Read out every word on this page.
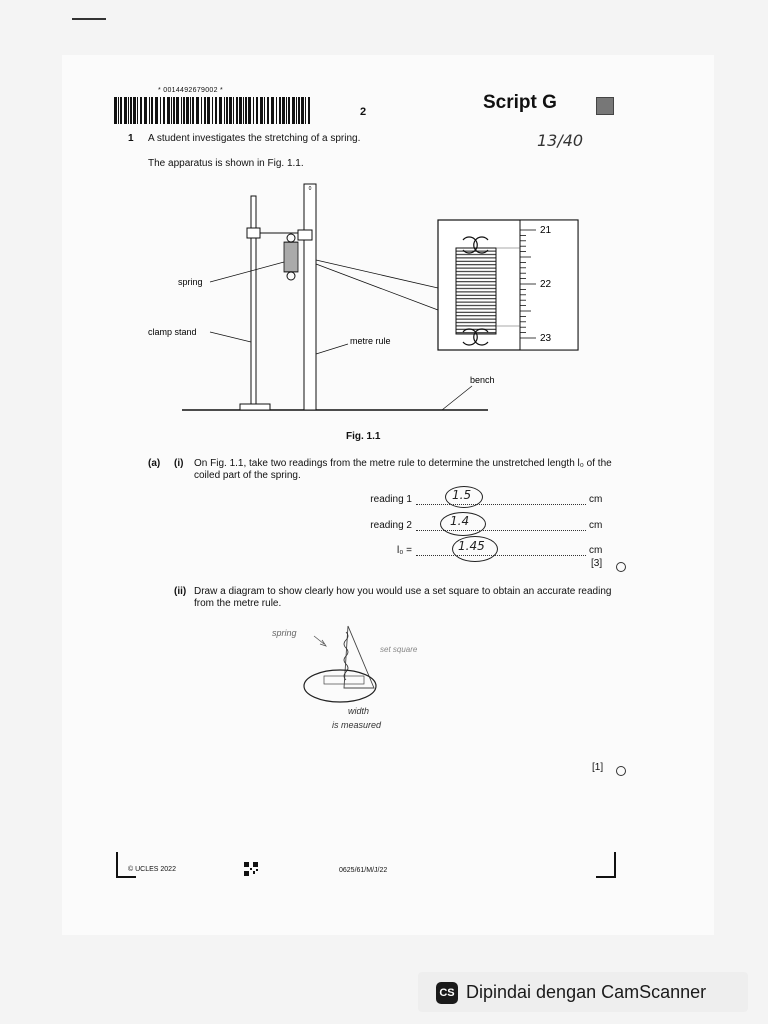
* 0014492679002 *
2	Script G
13/40
1 A student investigates the stretching of a spring.
The apparatus is shown in Fig. 1.1.
0
21
22
23
spring
clamp stand
metre rule
bench
Fig. 1.1
(a) (i) On Fig. 1.1, take two readings from the metre rule to determine the unstretched length l₀ of the coiled part of the spring.
reading 1	1.5	cm
reading 2	1.4	cm
l₀ =	1.45	cm
[3]
(ii) Draw a diagram to show clearly how you would use a set square to obtain an accurate reading from the metre rule.
spring
set square
width
is measured
[1]
© UCLES 2022	0625/61/M/J/22
CS Dipindai dengan CamScanner
